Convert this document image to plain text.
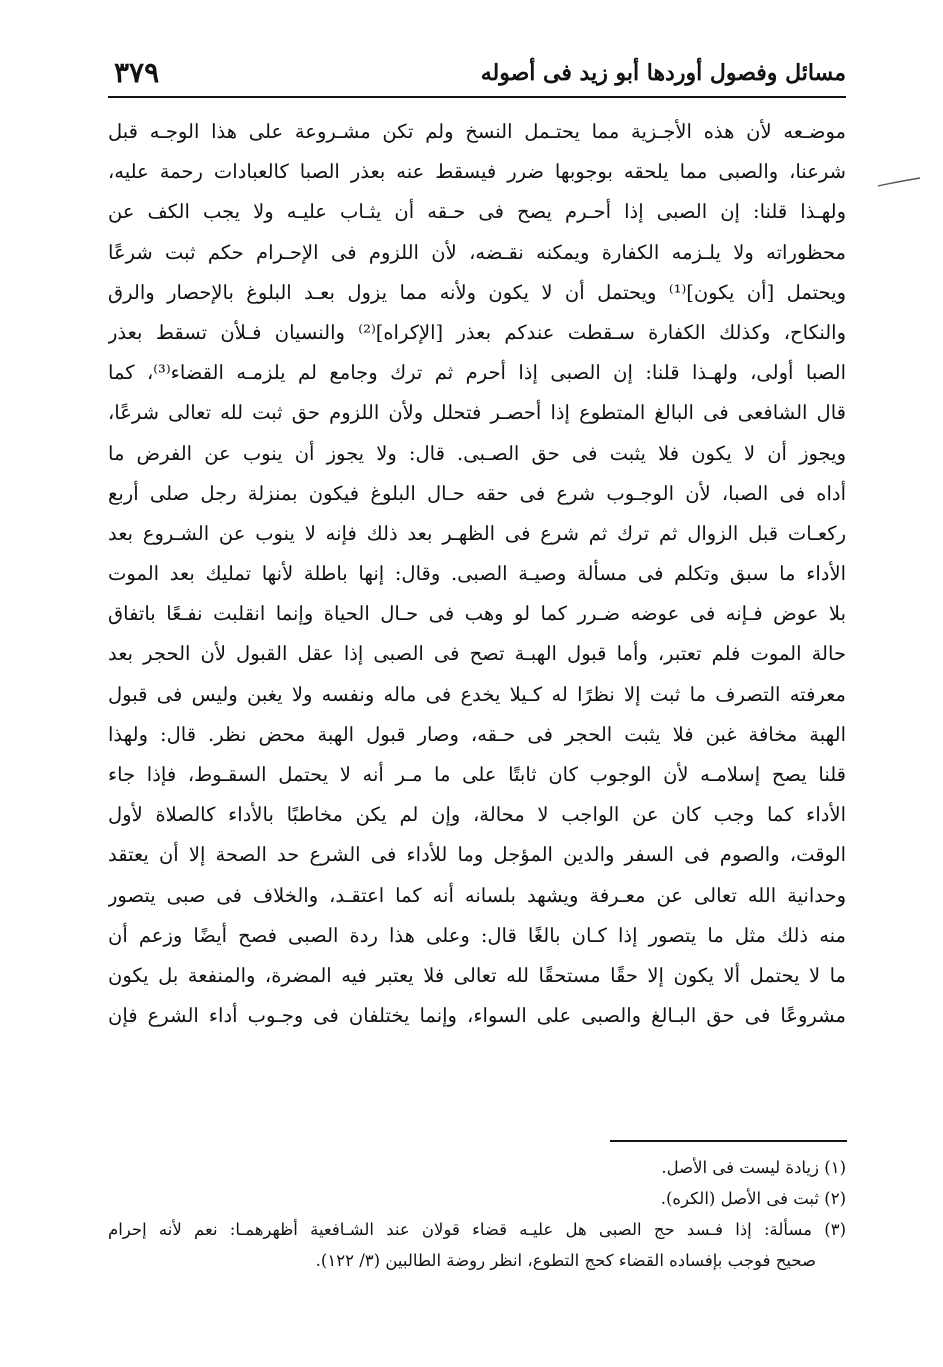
مسائل وفصول أوردها أبو زيد فى أصوله
٣٧٩
موضـعه لأن هذه الأجـزية مما يحتـمل النسخ ولم تكن مشـروعة على هذا الوجـه قبل
شرعنا، والصبى مما يلحقه بوجوبها ضرر فيسقط عنه بعذر الصبا كالعبادات رحمة عليه،
ولهـذا قلنا: إن الصبى إذا أحـرم يصح فى حـقه أن يثـاب عليـه ولا يجب الكف عن
محظوراته ولا يلـزمه الكفارة ويمكنه نقـضه، لأن اللزوم فى الإحـرام حكم ثبت شرعًا
ويحتمل [أن يكون]⁽¹⁾ ويحتمل أن لا يكون ولأنه مما يزول بعـد البلوغ بالإحصار والرق
والنكاح، وكذلك الكفارة سـقطت عندكم بعذر [الإكراه]⁽²⁾ والنسيان فـلأن تسقط بعذر
الصبا أولى، ولهـذا قلنا: إن الصبى إذا أحرم ثم ترك وجامع لم يلزمـه القضاء⁽³⁾، كما
قال الشافعى فى البالغ المتطوع إذا أحصـر فتحلل ولأن اللزوم حق ثبت لله تعالى شرعًا،
ويجوز أن لا يكون فلا يثبت فى حق الصـبى. قال: ولا يجوز أن ينوب عن الفرض ما
أداه فى الصبا، لأن الوجـوب شرع فى حقه حـال البلوغ فيكون بمنزلة رجل صلى أربع
ركعـات قبل الزوال ثم ترك ثم شرع فى الظهـر بعد ذلك فإنه لا ينوب عن الشـروع بعد
الأداء ما سبق وتكلم فى مسألة وصيـة الصبى. وقال: إنها باطلة لأنها تمليك بعد الموت
بلا عوض فـإنه فى عوضه ضـرر كما لو وهب فى حـال الحياة وإنما انقلبت نفـعًا باتفاق
حالة الموت فلم تعتبر، وأما قبول الهبـة تصح فى الصبى إذا عقل القبول لأن الحجر بعد
معرفته التصرف ما ثبت إلا نظرًا له كـيلا يخدع فى ماله ونفسه ولا يغبن وليس فى قبول
الهبة مخافة غبن فلا يثبت الحجر فى حـقه، وصار قبول الهبة محض نظر. قال: ولهذا
قلنا يصح إسلامـه لأن الوجوب كان ثابتًا على ما مـر أنه لا يحتمل السقـوط، فإذا جاء
الأداء كما وجب كان عن الواجب لا محالة، وإن لم يكن مخاطبًا بالأداء كالصلاة لأول
الوقت، والصوم فى السفر والدين المؤجل وما للأداء فى الشرع حد الصحة إلا أن يعتقد
وحدانية الله تعالى عن معـرفة ويشهد بلسانه أنه كما اعتقـد، والخلاف فى صبى يتصور
منه ذلك مثل ما يتصور إذا كـان بالغًا قال: وعلى هذا ردة الصبى فصح أيضًا وزعم أن
ما لا يحتمل ألا يكون إلا حقًا مستحقًا لله تعالى فلا يعتبر فيه المضرة، والمنفعة بل يكون
مشروعًا فى حق البـالغ والصبى على السواء، وإنما يختلفان فى وجـوب أداء الشرع فإن
(١) زيادة ليست فى الأصل.
(٢) ثبت فى الأصل (الكره).
(٣) مسألة: إذا فـسد حج الصبى هل عليـه قضاء قولان عند الشـافعية أظهرهمـا: نعم لأنه إحرام
صحيح فوجب بإفساده القضاء كحج التطوع، انظر روضة الطالبين (٣/ ١٢٢).
